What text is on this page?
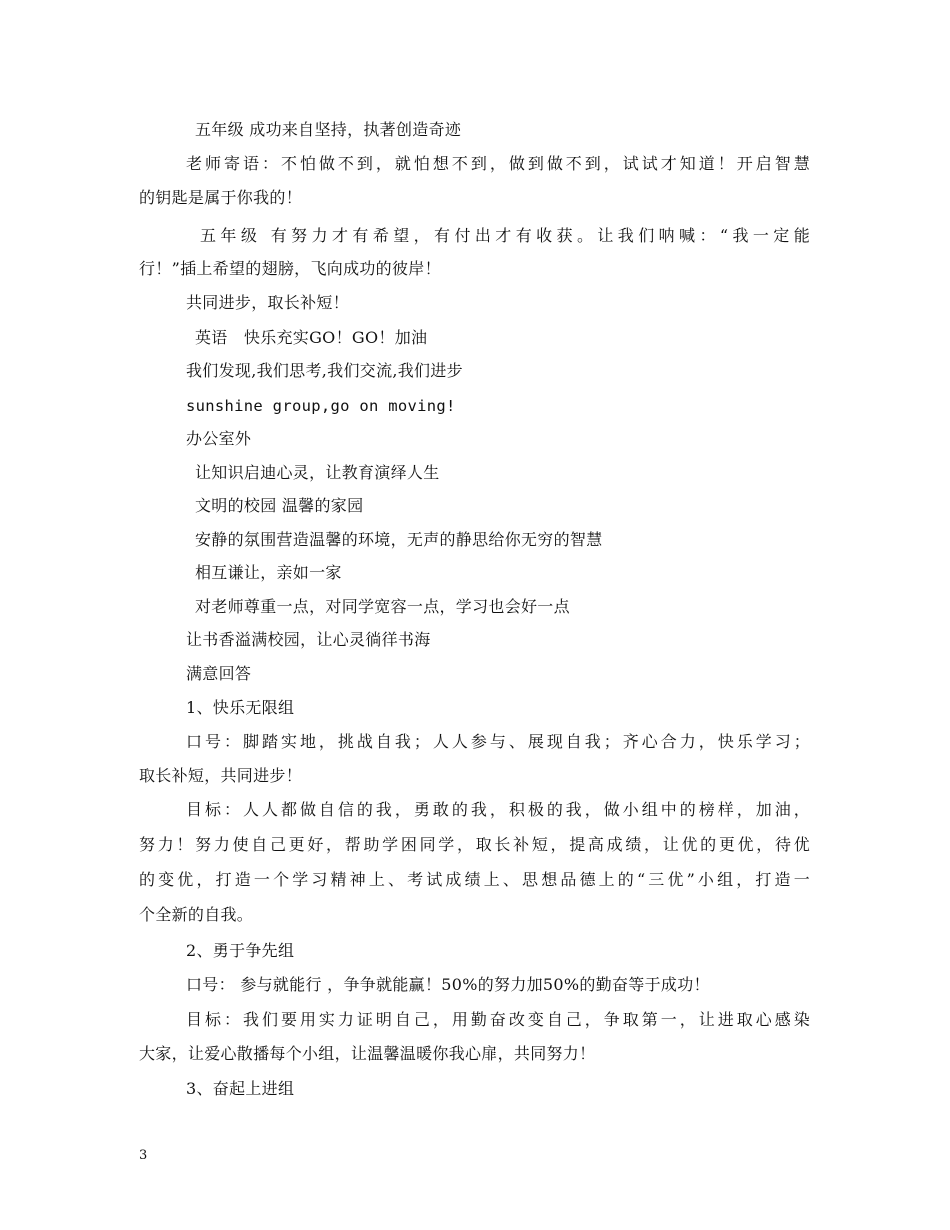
五年级 成功来自坚持，执著创造奇迹
老师寄语：不怕做不到，就怕想不到，做到做不到，试试才知道！开启智慧
的钥匙是属于你我的！
五年级 有努力才有希望，有付出才有收获。让我们呐喊：“我一定能
行！”插上希望的翅膀，飞向成功的彼岸！
共同进步，取长补短！
英语　快乐充实GO！GO！加油
我们发现,我们思考,我们交流,我们进步
sunshine group,go on moving!
办公室外
让知识启迪心灵，让教育演绎人生
文明的校园 温馨的家园
安静的氛围营造温馨的环境，无声的静思给你无穷的智慧
相互谦让，亲如一家
对老师尊重一点，对同学宽容一点，学习也会好一点
让书香溢满校园，让心灵徜徉书海
满意回答
1、快乐无限组
口号：脚踏实地，挑战自我；人人参与、展现自我；齐心合力，快乐学习；
取长补短，共同进步！
目标：人人都做自信的我，勇敢的我，积极的我，做小组中的榜样，加油，
努力！努力使自己更好，帮助学困同学，取长补短，提高成绩，让优的更优，待优
的变优，打造一个学习精神上、考试成绩上、思想品德上的“三优”小组，打造一
个全新的自我。
2、勇于争先组
口号： 参与就能行 ，争争就能赢！50%的努力加50%的勤奋等于成功！
目标：我们要用实力证明自己，用勤奋改变自己，争取第一，让进取心感染
大家，让爱心散播每个小组，让温馨温暖你我心扉，共同努力！
3、奋起上进组
3
